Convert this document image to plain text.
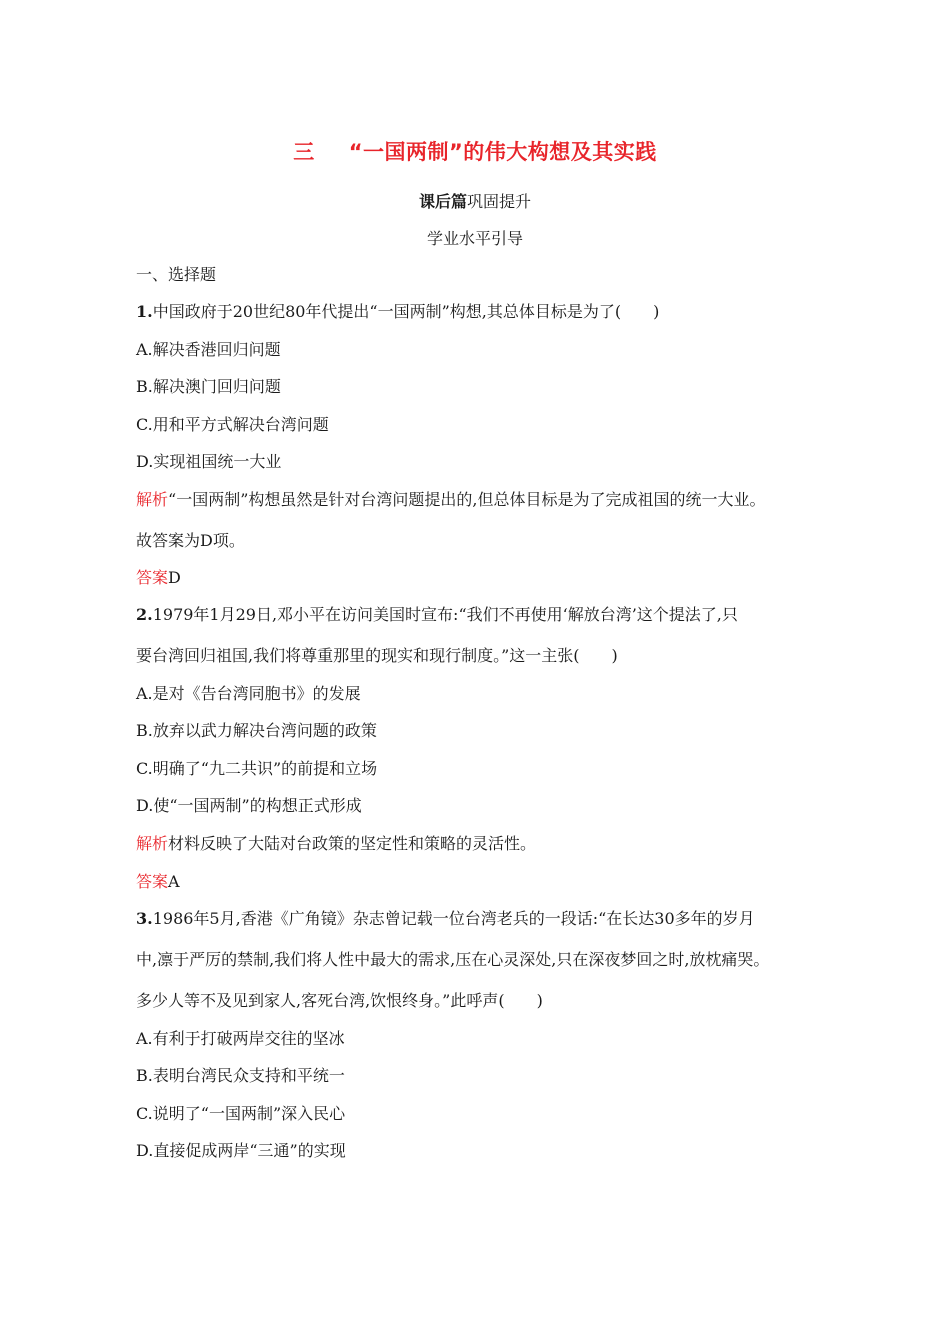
三 “一国两制”的伟大构想及其实践
课后篇巩固提升
学业水平引导
一、选择题
1.中国政府于20世纪80年代提出“一国两制”构想,其总体目标是为了(　　)
A.解决香港回归问题
B.解决澳门回归问题
C.用和平方式解决台湾问题
D.实现祖国统一大业
解析“一国两制”构想虽然是针对台湾问题提出的,但总体目标是为了完成祖国的统一大业。
故答案为D项。
答案D
2.1979年1月29日,邓小平在访问美国时宣布:“我们不再使用‘解放台湾’这个提法了,只
要台湾回归祖国,我们将尊重那里的现实和现行制度。”这一主张(　　)
A.是对《告台湾同胞书》的发展
B.放弃以武力解决台湾问题的政策
C.明确了“九二共识”的前提和立场
D.使“一国两制”的构想正式形成
解析材料反映了大陆对台政策的坚定性和策略的灵活性。
答案A
3.1986年5月,香港《广角镜》杂志曾记载一位台湾老兵的一段话:“在长达30多年的岁月
中,凛于严厉的禁制,我们将人性中最大的需求,压在心灵深处,只在深夜梦回之时,放枕痛哭。
多少人等不及见到家人,客死台湾,饮恨终身。”此呼声(　　)
A.有利于打破两岸交往的坚冰
B.表明台湾民众支持和平统一
C.说明了“一国两制”深入民心
D.直接促成两岸“三通”的实现
